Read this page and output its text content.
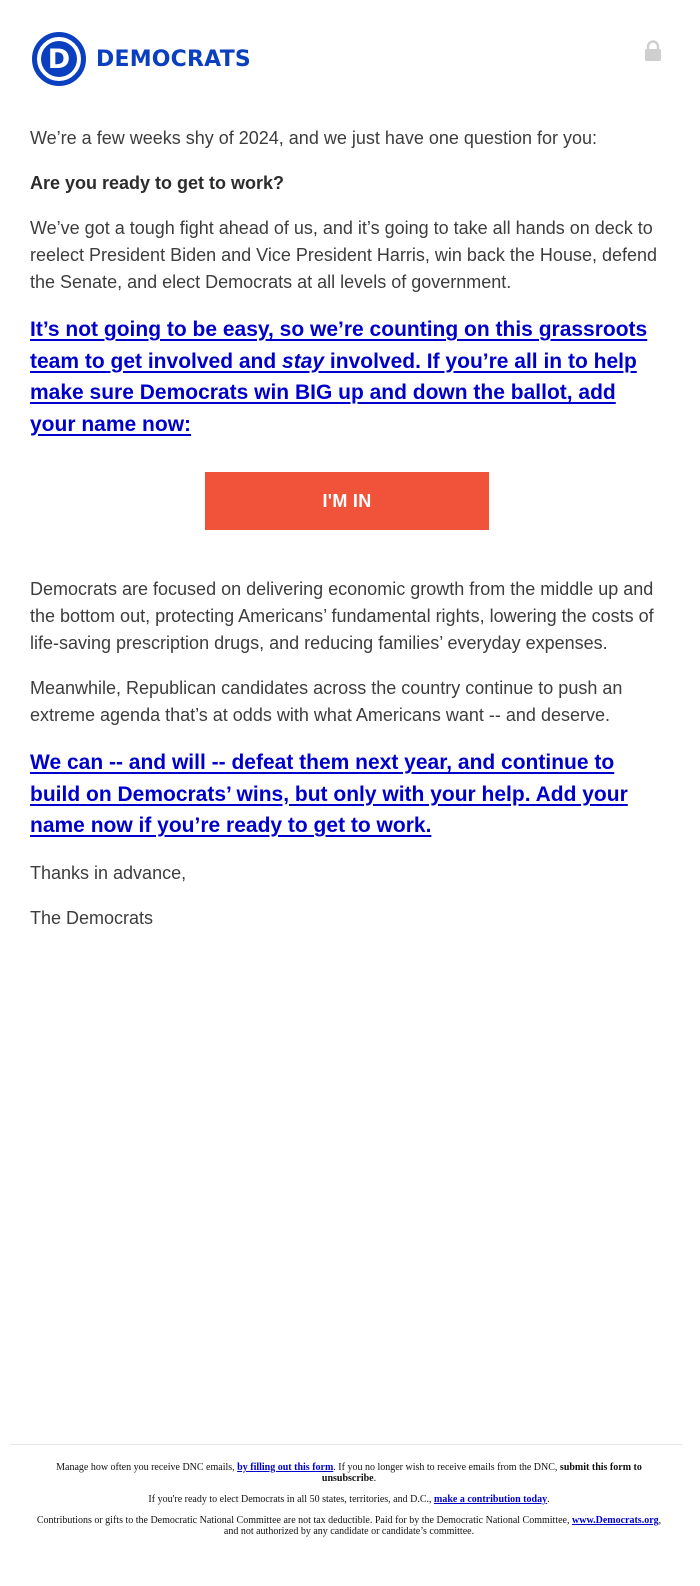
D	DEMOCRATS

We’re a few weeks shy of 2024, and we just have one question for you:

Are you ready to get to work?

We’ve got a tough fight ahead of us, and it’s going to take all hands on deck to reelect President Biden and Vice President Harris, win back the House, defend the Senate, and elect Democrats at all levels of government.

It’s not going to be easy, so we’re counting on this grassroots team to get involved and stay involved. If you’re all in to help make sure Democrats win BIG up and down the ballot, add your name now:
I'M IN

Democrats are focused on delivering economic growth from the middle up and the bottom out, protecting Americans’ fundamental rights, lowering the costs of life-saving prescription drugs, and reducing families’ everyday expenses.

Meanwhile, Republican candidates across the country continue to push an extreme agenda that’s at odds with what Americans want -- and deserve.

We can -- and will -- defeat them next year, and continue to build on Democrats’ wins, but only with your help. Add your name now if you’re ready to get to work.

Thanks in advance,

The Democrats

Manage how often you receive DNC emails, by filling out this form. If you no longer wish to receive emails from the DNC, submit this form to unsubscribe.

If you're ready to elect Democrats in all 50 states, territories, and D.C., make a contribution today.

Contributions or gifts to the Democratic National Committee are not tax deductible. Paid for by the Democratic National Committee, www.Democrats.org, and not authorized by any candidate or candidate’s committee.
